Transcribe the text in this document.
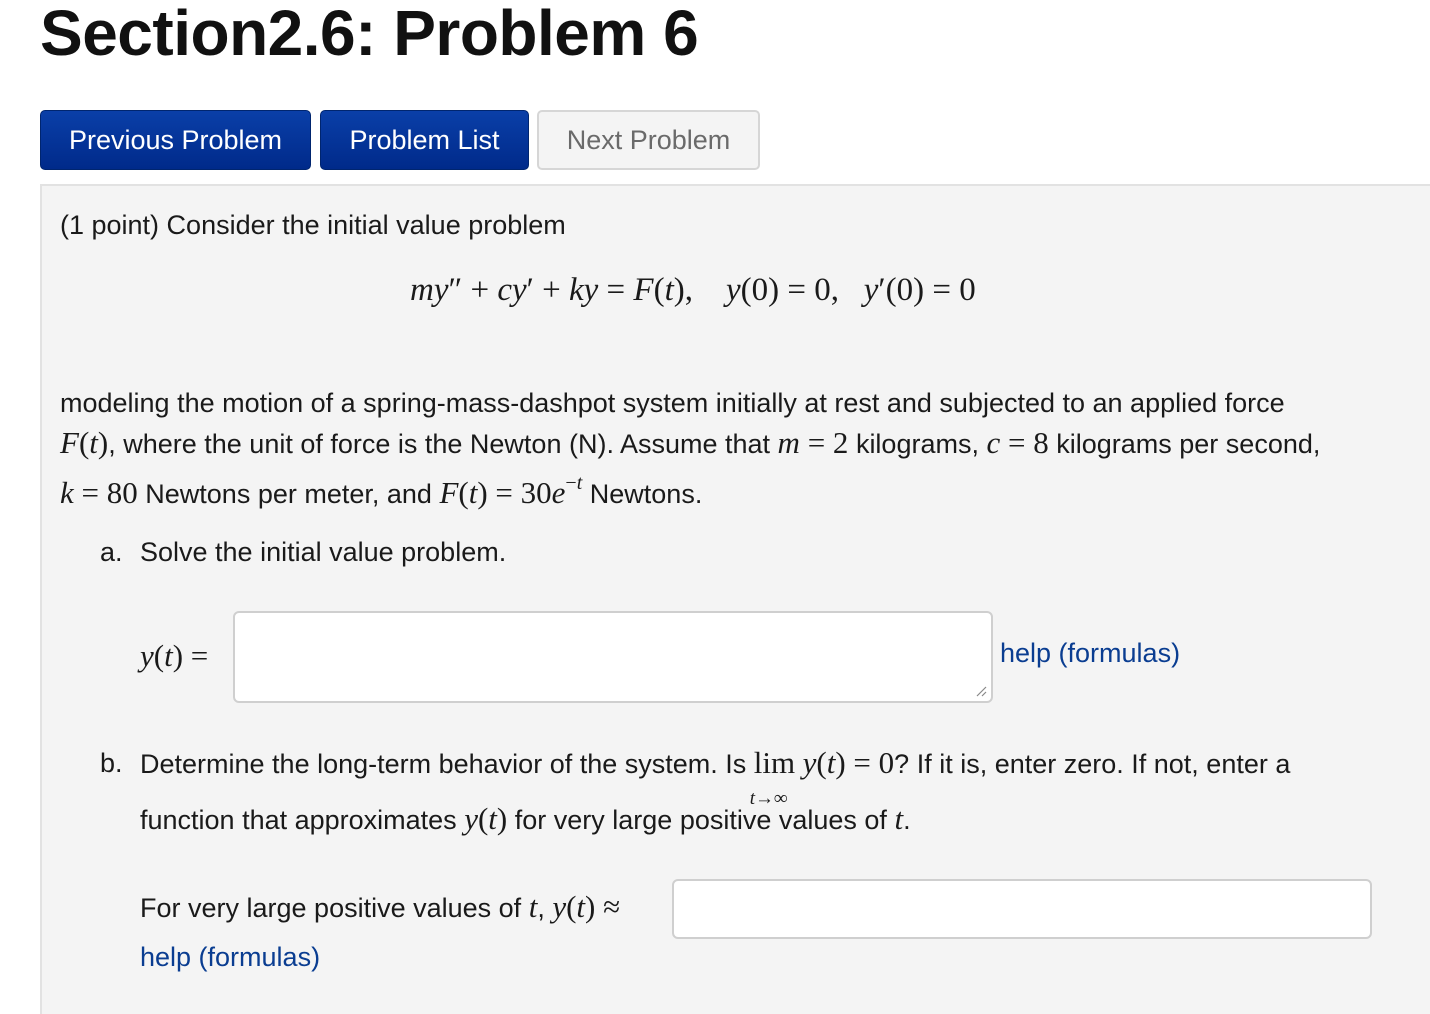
Section2.6: Problem 6
Previous Problem	Problem List	Next Problem
(1 point) Consider the initial value problem
my″ + cy′ + ky = F(t),    y(0) = 0,   y′(0) = 0
modeling the motion of a spring-mass-dashpot system initially at rest and subjected to an applied force
F(t), where the unit of force is the Newton (N). Assume that m = 2 kilograms, c = 8 kilograms per second,
k = 80 Newtons per meter, and $F(t) = 30e^{-t}$ Newtons.
a. Solve the initial value problem.
y(t) =	help (formulas)
b. Determine the long-term behavior of the system. Is lim
t→∞
y(t) = 0? If it is, enter zero. If not, enter a
function that approximates y(t) for very large positive values of t.
For very large positive values of t, y(t) ≈
help (formulas)
